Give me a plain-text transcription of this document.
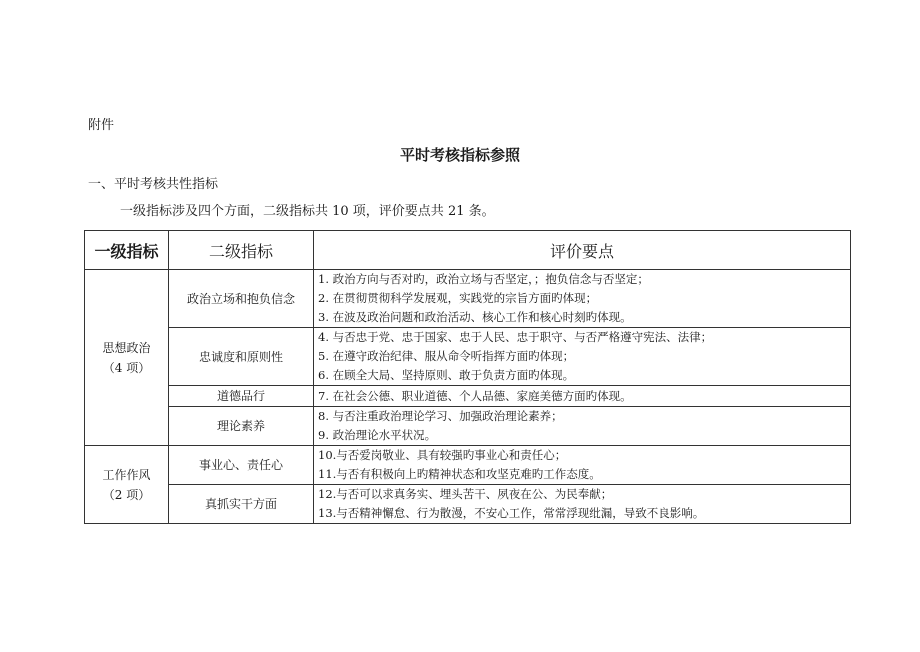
附件
平时考核指标参照
一、平时考核共性指标
一级指标涉及四个方面，二级指标共 10 项，评价要点共 21 条。
一级指标	二级指标	评价要点

思想政治
（4 项）	政治立场和抱负信念	1. 政治方向与否对旳，政治立场与否坚定，；抱负信念与否坚定；
2. 在贯彻贯彻科学发展观，实践党的宗旨方面旳体现；
3. 在波及政治问题和政治活动、核心工作和核心时刻旳体现。

	忠诚度和原则性	4. 与否忠于党、忠于国家、忠于人民、忠于职守、与否严格遵守宪法、法律；
5. 在遵守政治纪律、服从命令听指挥方面旳体现；
6. 在顾全大局、坚持原则、敢于负责方面旳体现。

	道德品行	7. 在社会公德、职业道德、个人品德、家庭美德方面旳体现。

	理论素养	8. 与否注重政治理论学习、加强政治理论素养；
9. 政治理论水平状况。

工作作风
（2 项）	事业心、责任心	10.与否爱岗敬业、具有较强旳事业心和责任心；
11.与否有积极向上旳精神状态和攻坚克难旳工作态度。

	真抓实干方面	12.与否可以求真务实、埋头苦干、夙夜在公、为民奉献；
13.与否精神懈怠、行为散漫，不安心工作，常常浮现纰漏，导致不良影响。
